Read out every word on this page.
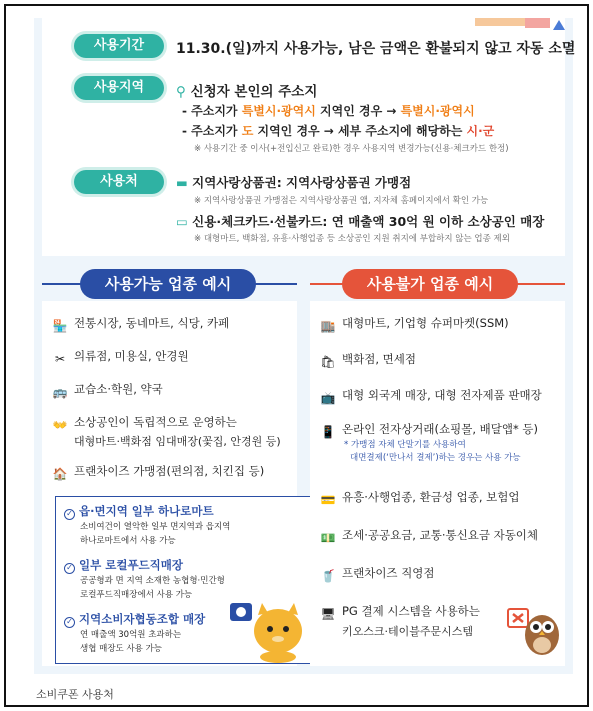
사용기간	11.30.(일)까지 사용가능, 남은 금액은 환불되지 않고 자동 소멸
사용지역	⚲ 신청자 본인의 주소지
- 주소지가 특별시·광역시 지역인 경우 → 특별시·광역시
- 주소지가 도 지역인 경우 → 세부 주소지에 해당하는 시·군
※ 사용기간 중 이사(+전입신고 완료)한 경우 사용지역 변경가능(신용·체크카드 한정)
사용처	▬ 지역사랑상품권: 지역사랑상품권 가맹점
※ 지역사랑상품권 가맹점은 지역사랑상품권 앱, 지자체 홈페이지에서 확인 가능
▭ 신용·체크카드·선불카드: 연 매출액 30억 원 이하 소상공인 매장
※ 대형마트, 백화점, 유흥·사행업종 등 소상공인 지원 취지에 부합하지 않는 업종 제외
사용가능 업종 예시	사용불가 업종 예시
🏪 전통시장, 동네마트, 식당, 카페
✂ 의류점, 미용실, 안경원
🚌 교습소·학원, 약국
👐 소상공인이 독립적으로 운영하는
대형마트·백화점 임대매장(꽃집, 안경원 등)
🏠 프랜차이즈 가맹점(편의점, 치킨집 등)
✓ 읍·면지역 일부 하나로마트
소비여건이 열악한 일부 면지역과 읍지역
하나로마트에서 사용 가능
✓ 일부 로컬푸드직매장
공공형과 면 지역 소재한 농협형·민간형
로컬푸드직매장에서 사용 가능
✓ 지역소비자협동조합 매장
연 매출액 30억원 초과하는
생협 매장도 사용 가능
🏬 대형마트, 기업형 슈퍼마켓(SSM)
🛍 백화점, 면세점
📺 대형 외국계 매장, 대형 전자제품 판매장
📱 온라인 전자상거래(쇼핑몰, 배달앱* 등)
* 가맹점 자체 단말기를 사용하여
대면결제(‘만나서 결제’)하는 경우는 사용 가능
💳 유흥·사행업종, 환금성 업종, 보험업
💵 조세·공공요금, 교통·통신요금 자동이체
🥤 프랜차이즈 직영점
🖥 PG 결제 시스템을 사용하는
키오스크·테이블주문시스템
소비쿠폰 사용처
